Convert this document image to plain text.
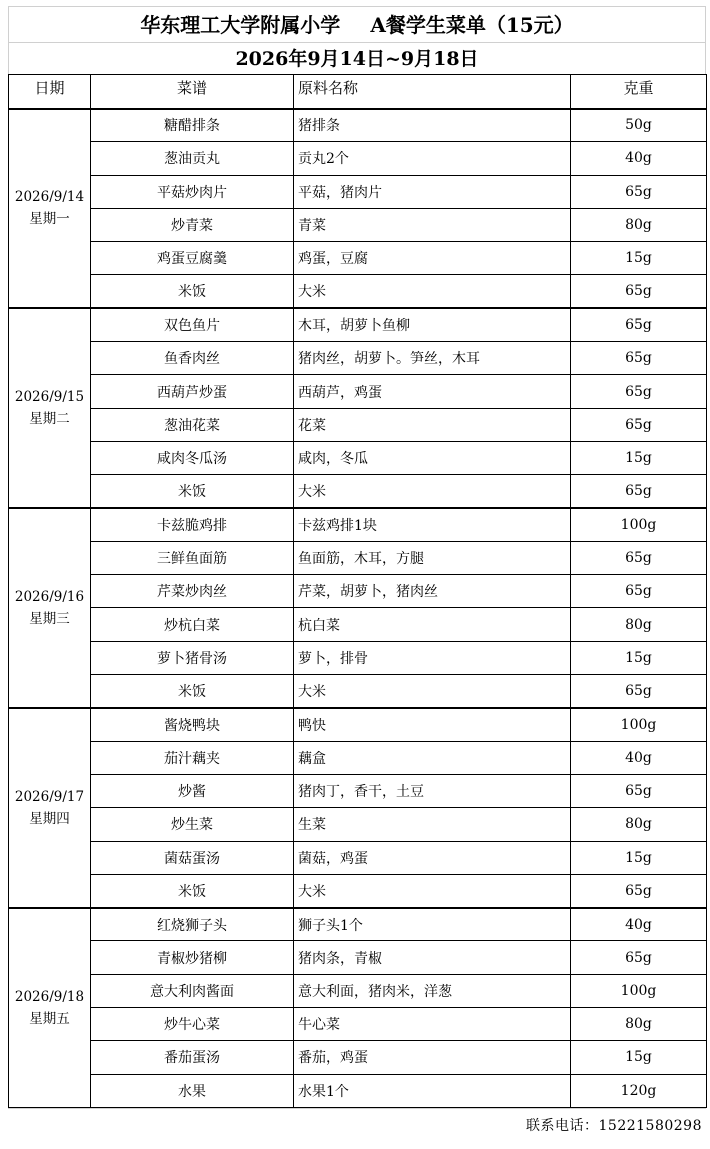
华东理工大学附属小学 A餐学生菜单（15元）
2026年9月14日~9月18日
日期	菜谱	原料名称	克重

2026/9/14
星期一	糖醋排条	猪排条	50g
	葱油贡丸	贡丸2个	40g
	平菇炒肉片	平菇，猪肉片	65g
	炒青菜	青菜	80g
	鸡蛋豆腐羹	鸡蛋，豆腐	15g
	米饭	大米	65g

2026/9/15
星期二	双色鱼片	木耳，胡萝卜鱼柳	65g
	鱼香肉丝	猪肉丝，胡萝卜。笋丝，木耳	65g
	西葫芦炒蛋	西葫芦，鸡蛋	65g
	葱油花菜	花菜	65g
	咸肉冬瓜汤	咸肉，冬瓜	15g
	米饭	大米	65g

2026/9/16
星期三	卡兹脆鸡排	卡兹鸡排1块	100g
	三鲜鱼面筋	鱼面筋，木耳，方腿	65g
	芹菜炒肉丝	芹菜，胡萝卜，猪肉丝	65g
	炒杭白菜	杭白菜	80g
	萝卜猪骨汤	萝卜，排骨	15g
	米饭	大米	65g

2026/9/17
星期四	酱烧鸭块	鸭快	100g
	茄汁藕夹	藕盒	40g
	炒酱	猪肉丁，香干，土豆	65g
	炒生菜	生菜	80g
	菌菇蛋汤	菌菇，鸡蛋	15g
	米饭	大米	65g

2026/9/18
星期五	红烧狮子头	狮子头1个	40g
	青椒炒猪柳	猪肉条，青椒	65g
	意大利肉酱面	意大利面，猪肉米，洋葱	100g
	炒牛心菜	牛心菜	80g
	番茄蛋汤	番茄，鸡蛋	15g
	水果	水果1个	120g
联系电话：15221580298
